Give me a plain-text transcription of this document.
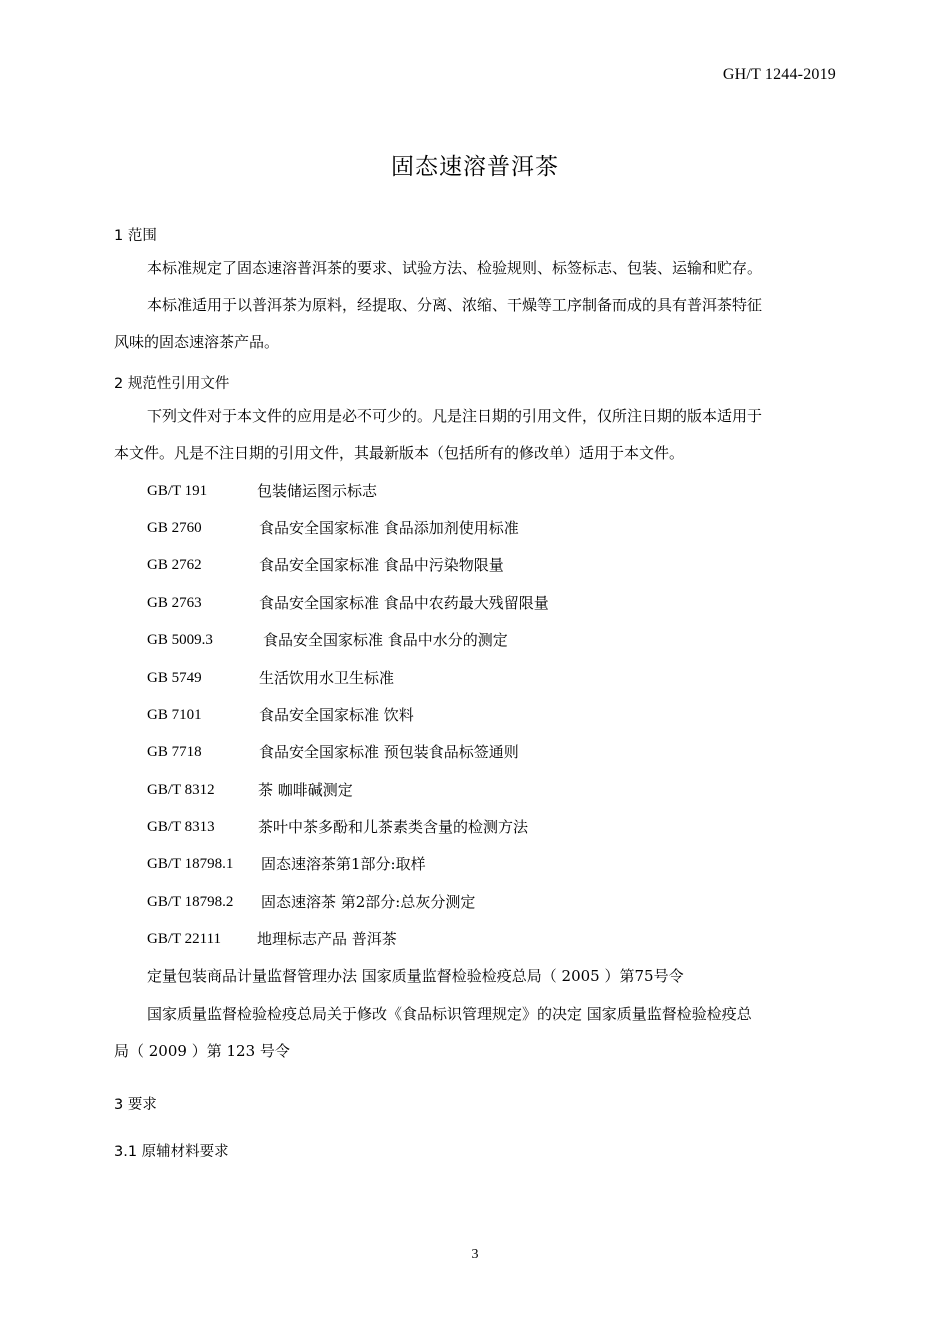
GH/T 1244-2019
固态速溶普洱茶
1 范围
本标准规定了固态速溶普洱茶的要求、试验方法、检验规则、标签标志、包装、运输和贮存。
本标准适用于以普洱茶为原料，经提取、分离、浓缩、干燥等工序制备而成的具有普洱茶特征
风味的固态速溶茶产品。
2 规范性引用文件
下列文件对于本文件的应用是必不可少的。凡是注日期的引用文件，仅所注日期的版本适用于
本文件。凡是不注日期的引用文件，其最新版本（包括所有的修改单）适用于本文件。
GB/T 191	包装储运图示标志
GB 2760	食品安全国家标准 食品添加剂使用标准
GB 2762	食品安全国家标准 食品中污染物限量
GB 2763	食品安全国家标准 食品中农药最大残留限量
GB 5009.3	食品安全国家标准 食品中水分的测定
GB 5749	生活饮用水卫生标准
GB 7101	食品安全国家标准 饮料
GB 7718	食品安全国家标准 预包装食品标签通则
GB/T 8312	茶 咖啡碱测定
GB/T 8313	茶叶中茶多酚和儿茶素类含量的检测方法
GB/T 18798.1 固态速溶茶第1部分:取样
GB/T 18798.2 固态速溶茶 第2部分:总灰分测定
GB/T 22111 地理标志产品 普洱茶
定量包装商品计量监督管理办法 国家质量监督检验检疫总局（ 2005 ）第75号令
国家质量监督检验检疫总局关于修改《食品标识管理规定》的决定 国家质量监督检验检疫总
局（ 2009 ）第 123 号令
3 要求
3.1 原辅材料要求
3
